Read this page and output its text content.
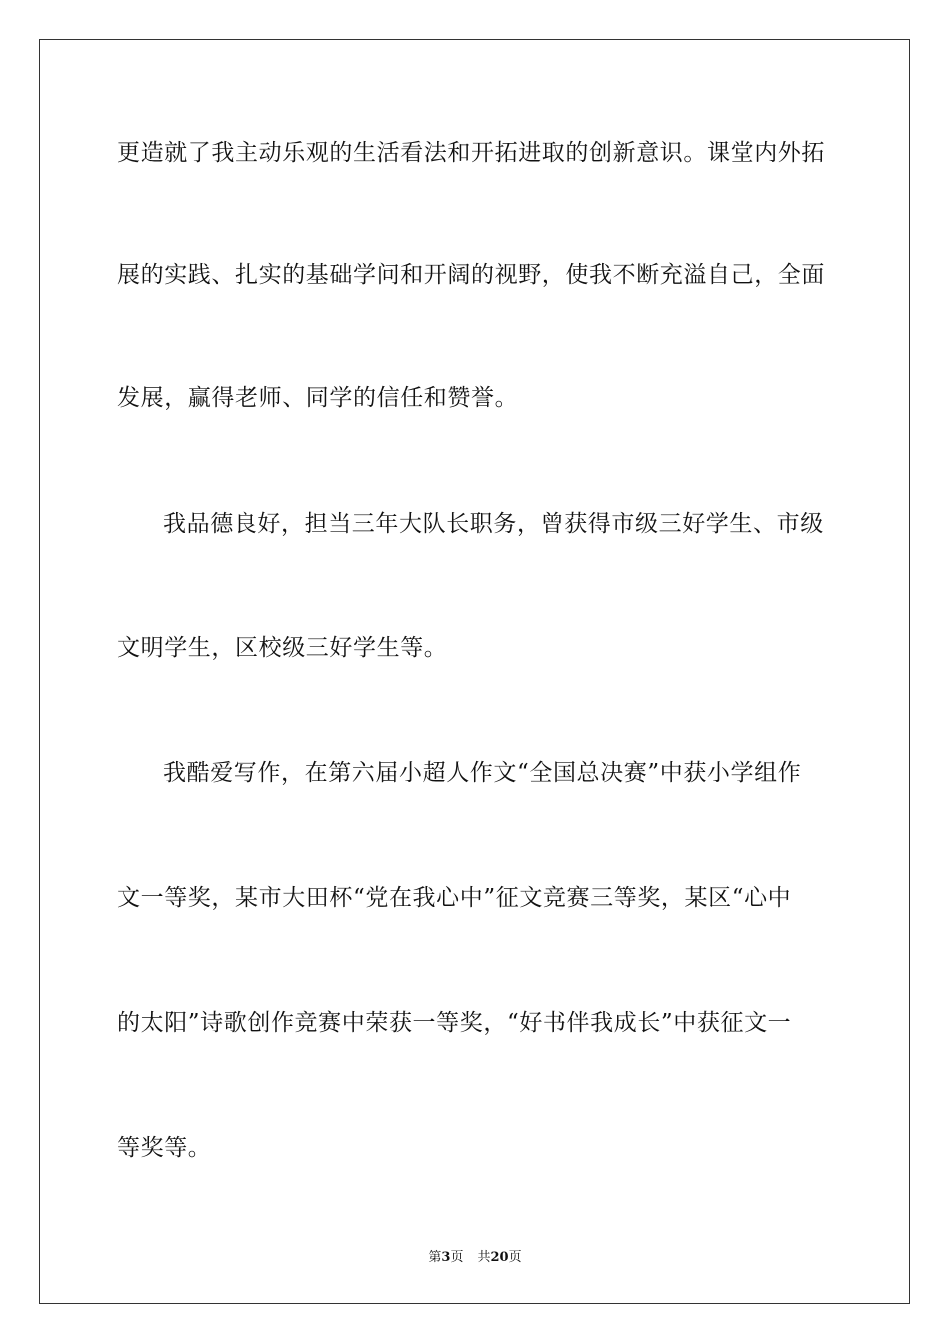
更造就了我主动乐观的生活看法和开拓进取的创新意识。课堂内外拓
展的实践、扎实的基础学问和开阔的视野，使我不断充溢自己，全面
发展，赢得老师、同学的信任和赞誉。
我品德良好，担当三年大队长职务，曾获得市级三好学生、市级
文明学生，区校级三好学生等。
我酷爱写作，在第六届小超人作文“全国总决赛”中获小学组作
文一等奖，某市大田杯“党在我心中”征文竞赛三等奖，某区“心中
的太阳”诗歌创作竞赛中荣获一等奖，“好书伴我成长”中获征文一
等奖等。
第3页 共20页
